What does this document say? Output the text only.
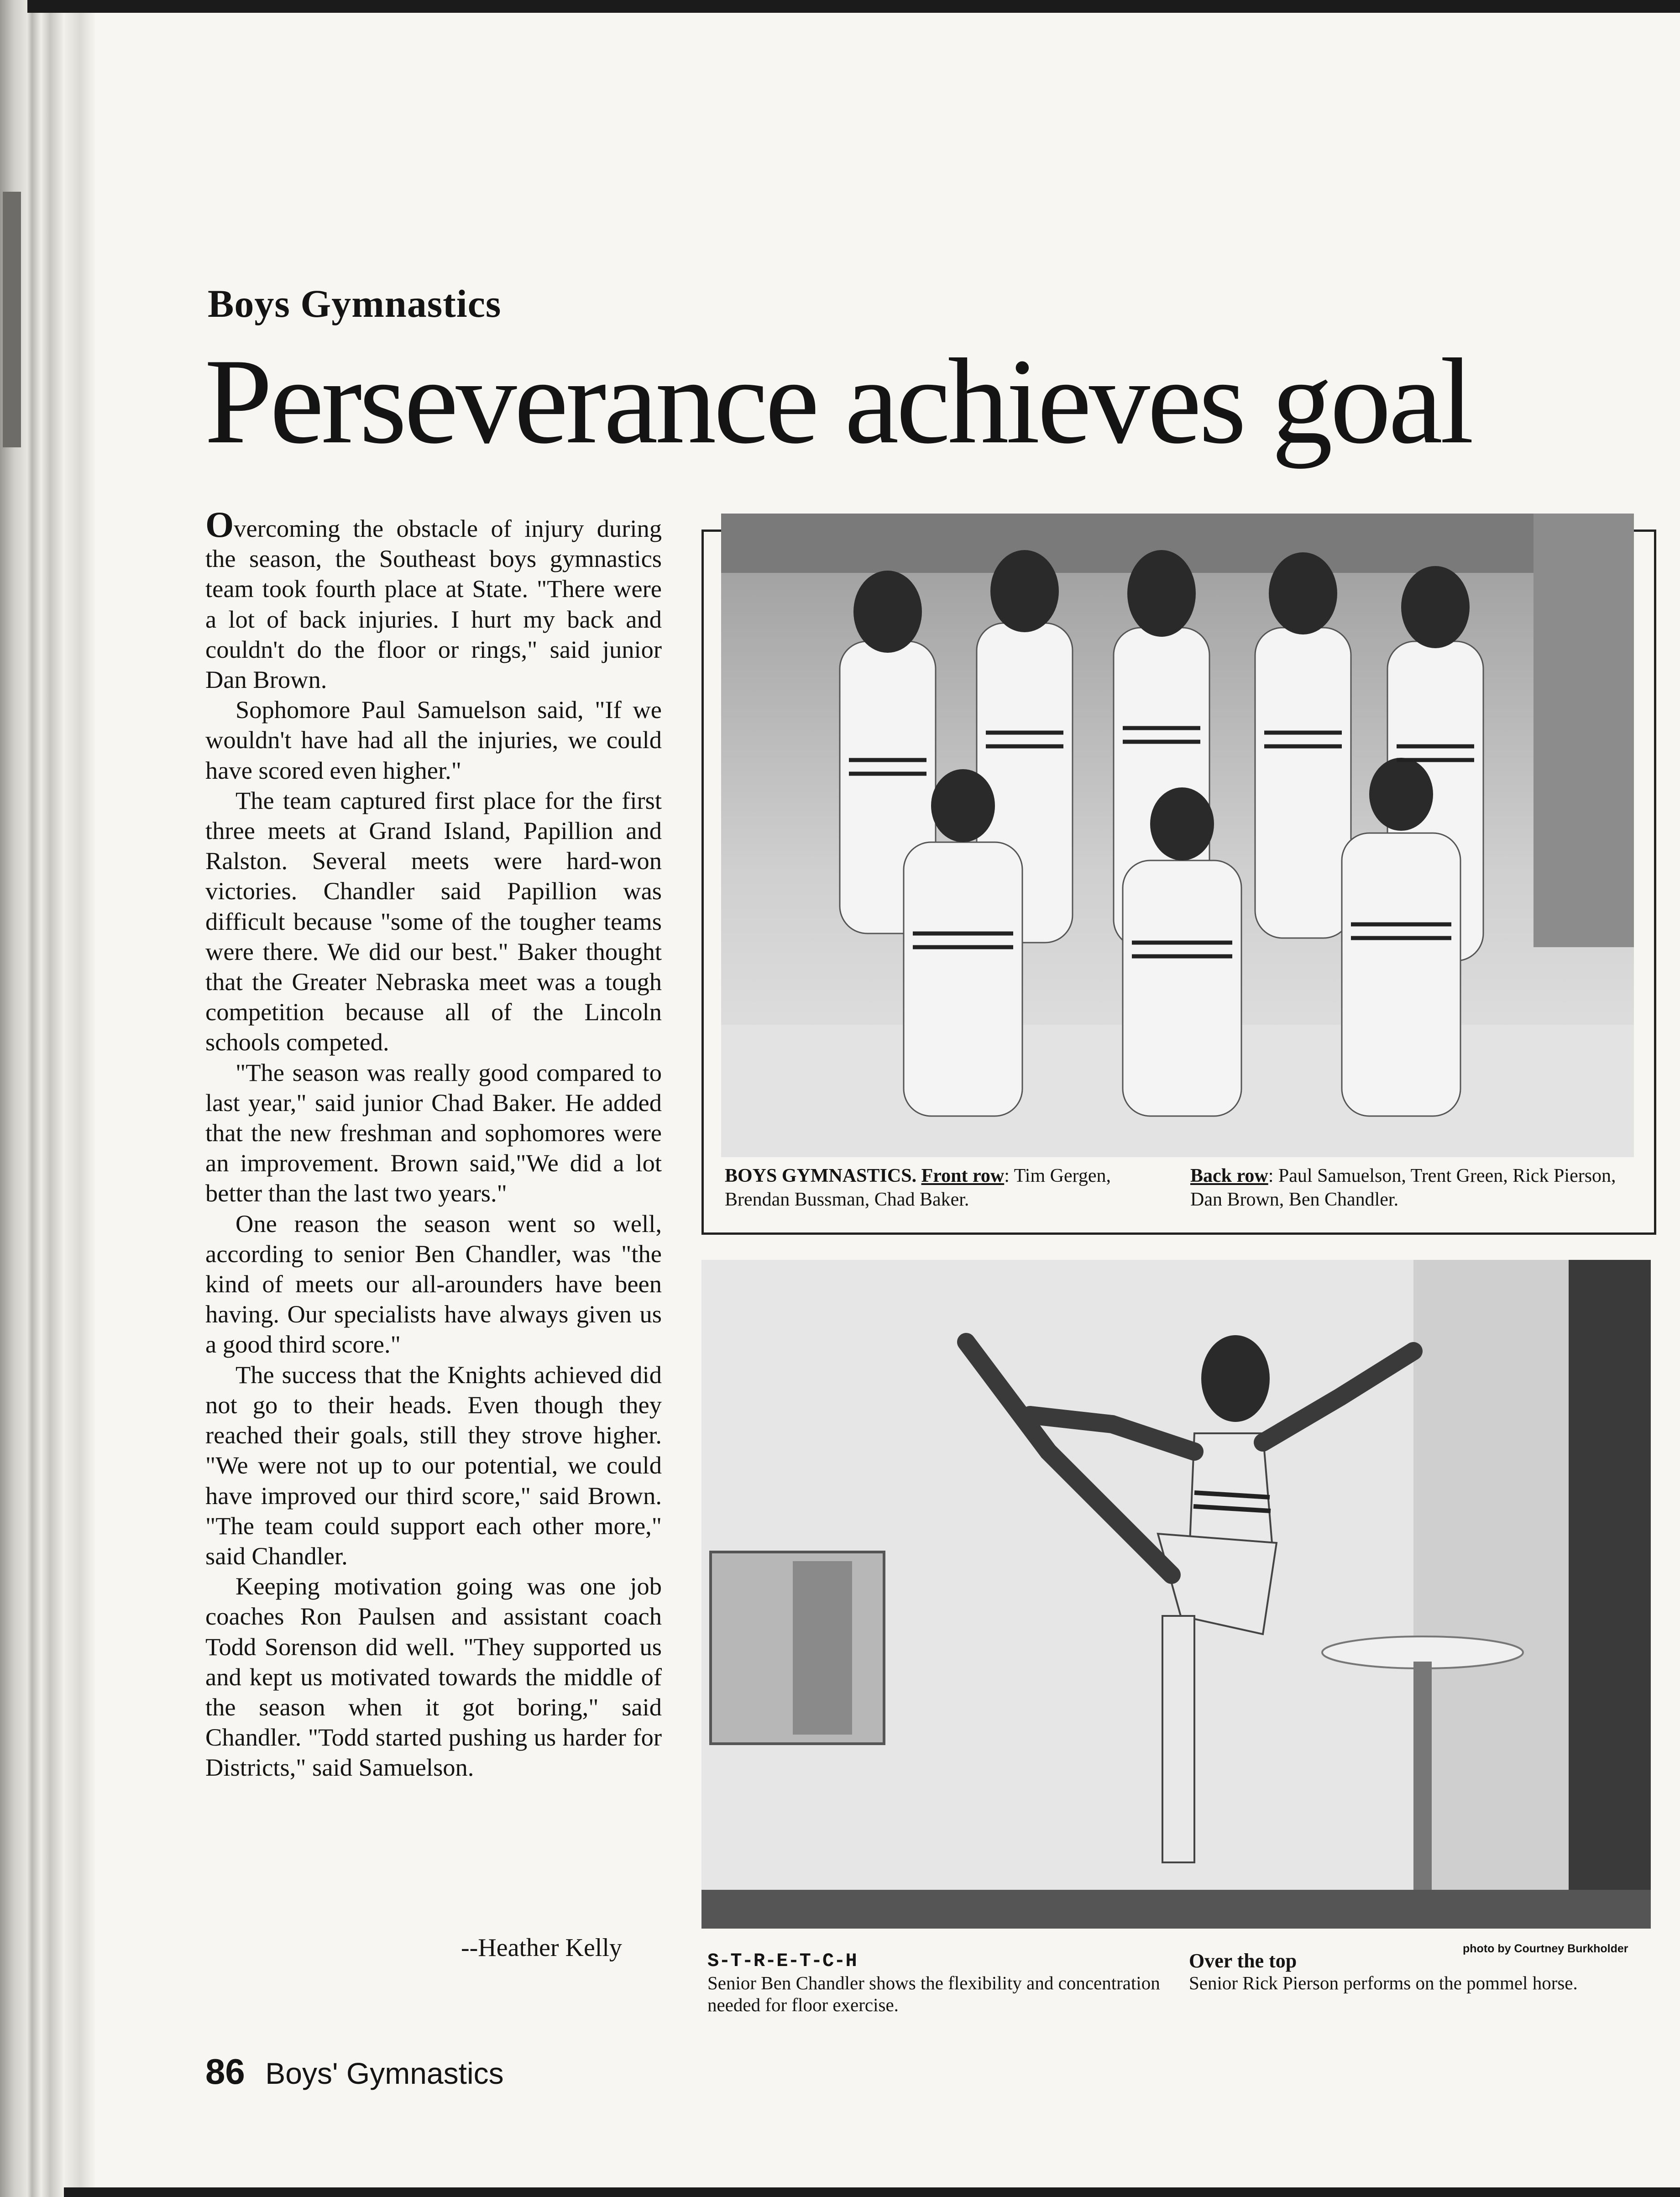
Boys Gymnastics
Perseverance achieves goal

Overcoming the obstacle of injury during the season, the Southeast boys gymnastics team took fourth place at State. "There were a lot of back injuries. I hurt my back and couldn't do the floor or rings," said junior Dan Brown.

Sophomore Paul Samuelson said, "If we wouldn't have had all the injuries, we could have scored even higher."

The team captured first place for the first three meets at Grand Island, Papillion and Ralston. Several meets were hard-won victories. Chandler said Papillion was difficult because "some of the tougher teams were there. We did our best." Baker thought that the Greater Nebraska meet was a tough competition because all of the Lincoln schools competed.

"The season was really good compared to last year," said junior Chad Baker. He added that the new freshman and sophomores were an improvement. Brown said,"We did a lot better than the last two years."

One reason the season went so well, according to senior Ben Chandler, was "the kind of meets our all-arounders have been having. Our specialists have always given us a good third score."

The success that the Knights achieved did not go to their heads. Even though they reached their goals, still they strove higher. "We were not up to our potential, we could have improved our third score," said Brown. "The team could support each other more," said Chandler.

Keeping motivation going was one job coaches Ron Paulsen and assistant coach Todd Sorenson did well. "They supported us and kept us motivated towards the middle of the season when it got boring," said Chandler. "Todd started pushing us harder for Districts," said Samuelson.

--Heather Kelly
BOYS GYMNASTICS. Front row: Tim Gergen, Brendan Bussman, Chad Baker.
Back row: Paul Samuelson, Trent Green, Rick Pierson, Dan Brown, Ben Chandler.
photo by Courtney Burkholder
S-T-R-E-T-C-H
Senior Ben Chandler shows the flexibility and concentration needed for floor exercise.
Over the top
Senior Rick Pierson performs on the pommel horse.
86 Boys' Gymnastics
